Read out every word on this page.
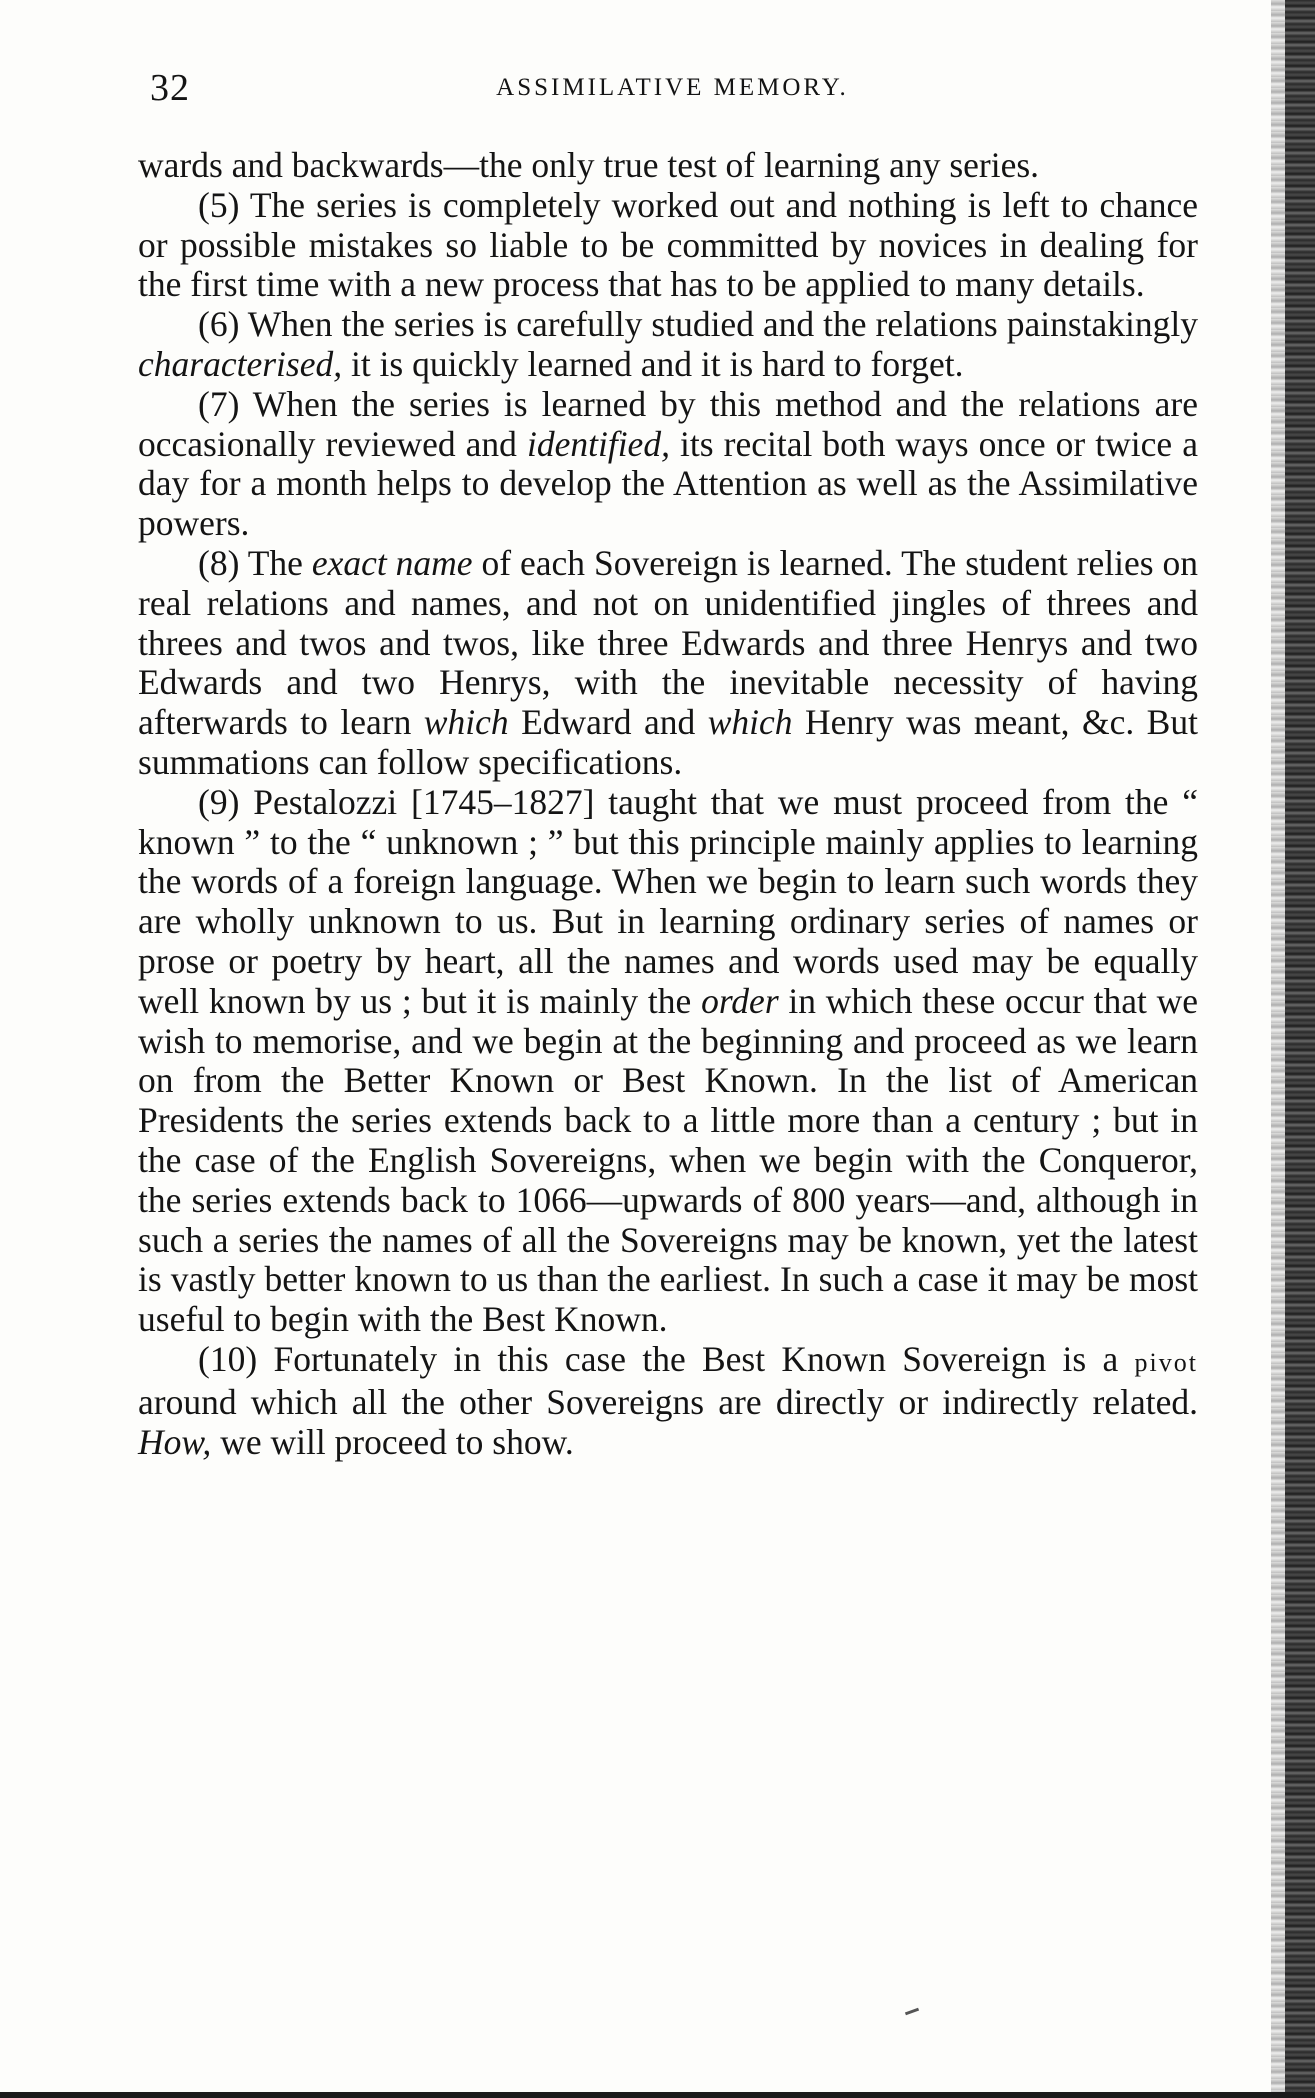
32	ASSIMILATIVE MEMORY.

wards and backwards—the only true test of learning any series.

(5) The series is completely worked out and nothing is left to chance or possible mistakes so liable to be committed by novices in dealing for the first time with a new process that has to be applied to many details.

(6) When the series is carefully studied and the relations painstakingly characterised, it is quickly learned and it is hard to forget.

(7) When the series is learned by this method and the relations are occasionally reviewed and identified, its recital both ways once or twice a day for a month helps to develop the Attention as well as the Assimilative powers.

(8) The exact name of each Sovereign is learned. The student relies on real relations and names, and not on unidentified jingles of threes and threes and twos and twos, like three Edwards and three Henrys and two Edwards and two Henrys, with the inevitable necessity of having afterwards to learn which Edward and which Henry was meant, &c. But summations can follow specifications.

(9) Pestalozzi [1745–1827] taught that we must proceed from the “ known ” to the “ unknown ; ” but this principle mainly applies to learning the words of a foreign language. When we begin to learn such words they are wholly unknown to us. But in learning ordinary series of names or prose or poetry by heart, all the names and words used may be equally well known by us ; but it is mainly the order in which these occur that we wish to memorise, and we begin at the beginning and proceed as we learn on from the Better Known or Best Known. In the list of American Presidents the series extends back to a little more than a century ; but in the case of the English Sovereigns, when we begin with the Conqueror, the series extends back to 1066—upwards of 800 years—and, although in such a series the names of all the Sovereigns may be known, yet the latest is vastly better known to us than the earliest. In such a case it may be most useful to begin with the Best Known.

(10) Fortunately in this case the Best Known Sovereign is a pivot around which all the other Sovereigns are directly or indirectly related. How, we will proceed to show.
